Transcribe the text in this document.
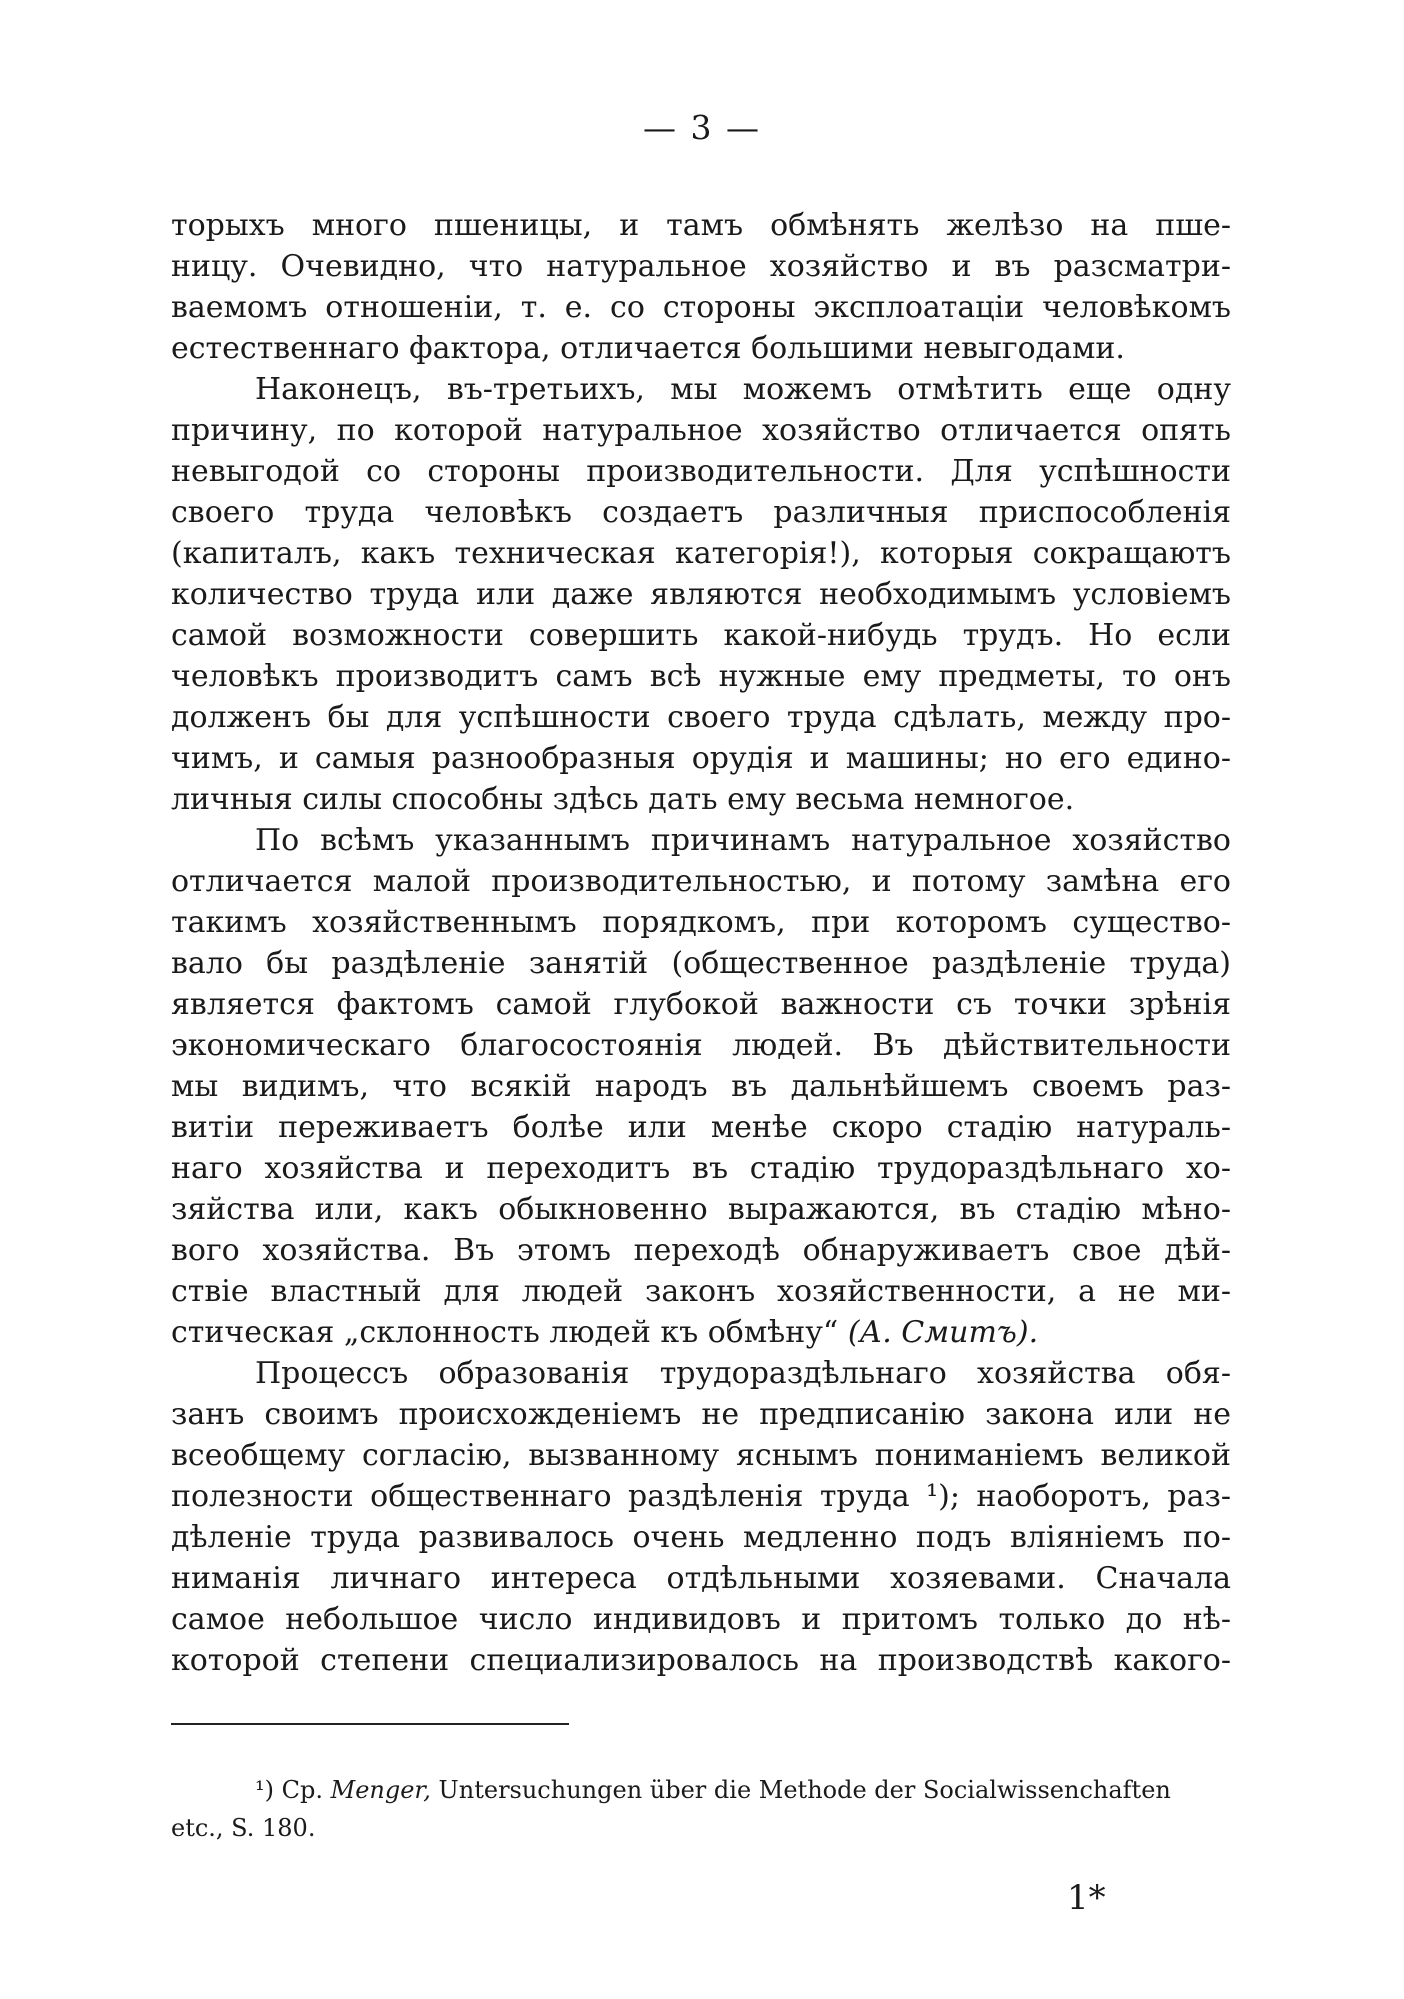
— 3 —
торыхъ много пшеницы, и тамъ обмѣнять желѣзо на пше-
ницу. Очевидно, что натуральное хозяйство и въ разсматри-
ваемомъ отношенiи, т. е. со стороны эксплоатацiи человѣкомъ
естественнаго фактора, отличается большими невыгодами.
Наконецъ, въ-третьихъ, мы можемъ отмѣтить еще одну
причину, по которой натуральное хозяйство отличается опять
невыгодой со стороны производительности. Для успѣшности
своего труда человѣкъ создаетъ различныя приспособленiя
(капиталъ, какъ техническая категорiя!), которыя сокращаютъ
количество труда или даже являются необходимымъ условiемъ
самой возможности совершить какой-нибудь трудъ. Но если
человѣкъ производитъ самъ всѣ нужные ему предметы, то онъ
долженъ бы для успѣшности своего труда сдѣлать, между про-
чимъ, и самыя разнообразныя орудiя и машины; но его едино-
личныя силы способны здѣсь дать ему весьма немногое.
По всѣмъ указаннымъ причинамъ натуральное хозяйство
отличается малой производительностью, и потому замѣна его
такимъ хозяйственнымъ порядкомъ, при которомъ существо-
вало бы раздѣленiе занятiй (общественное раздѣленiе труда)
является фактомъ самой глубокой важности съ точки зрѣнiя
экономическаго благосостоянiя людей. Въ дѣйствительности
мы видимъ, что всякiй народъ въ дальнѣйшемъ своемъ раз-
витiи переживаетъ болѣе или менѣе скоро стадiю натураль-
наго хозяйства и переходитъ въ стадiю трудораздѣльнаго хо-
зяйства или, какъ обыкновенно выражаются, въ стадiю мѣно-
вого хозяйства. Въ этомъ переходѣ обнаруживаетъ свое дѣй-
ствiе властный для людей законъ хозяйственности, а не ми-
стическая „склонность людей къ обмѣну“ (А. Смитъ).
Процессъ образованiя трудораздѣльнаго хозяйства обя-
занъ своимъ происхожденiемъ не предписанiю закона или не
всеобщему согласiю, вызванному яснымъ пониманiемъ великой
полезности общественнаго раздѣленiя труда ¹); наоборотъ, раз-
дѣленiе труда развивалось очень медленно подъ влiянiемъ по-
ниманiя личнаго интереса отдѣльными хозяевами. Сначала
самое небольшое число индивидовъ и притомъ только до нѣ-
которой степени специализировалось на производствѣ какого-
¹) Ср. Menger, Untersuchungen über die Methode der Socialwissenchaften
etc., S. 180.
1*
